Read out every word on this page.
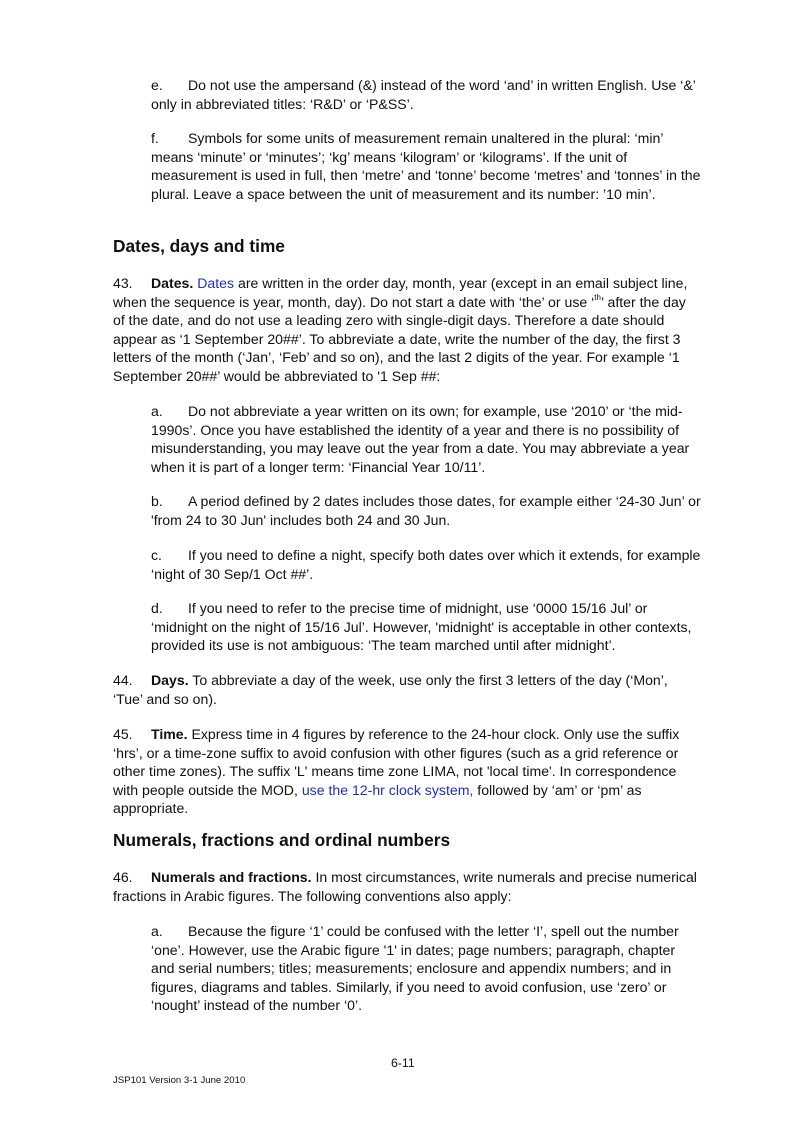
e. Do not use the ampersand (&) instead of the word ‘and’ in written English. Use ‘&’ only in abbreviated titles: ‘R&D’ or ‘P&SS’.

f. Symbols for some units of measurement remain unaltered in the plural: ‘min’ means ‘minute’ or ‘minutes’; ‘kg’ means ‘kilogram’ or ‘kilograms’. If the unit of measurement is used in full, then ‘metre’ and ‘tonne’ become ‘metres’ and ‘tonnes’ in the plural. Leave a space between the unit of measurement and its number: ’10 min’.

Dates, days and time

43. Dates. Dates are written in the order day, month, year (except in an email subject line, when the sequence is year, month, day). Do not start a date with ‘the’ or use ‘$^{th}$’ after the day of the date, and do not use a leading zero with single-digit days. Therefore a date should appear as ‘1 September 20##’. To abbreviate a date, write the number of the day, the first 3 letters of the month (‘Jan’, ‘Feb’ and so on), and the last 2 digits of the year. For example ‘1 September 20##’ would be abbreviated to '1 Sep ##:

a. Do not abbreviate a year written on its own; for example, use ‘2010’ or ‘the mid-1990s’. Once you have established the identity of a year and there is no possibility of misunderstanding, you may leave out the year from a date. You may abbreviate a year when it is part of a longer term: ‘Financial Year 10/11’.

b. A period defined by 2 dates includes those dates, for example either ‘24-30 Jun’ or 'from 24 to 30 Jun' includes both 24 and 30 Jun.

c. If you need to define a night, specify both dates over which it extends, for example ‘night of 30 Sep/1 Oct ##’.

d. If you need to refer to the precise time of midnight, use ‘0000 15/16 Jul’ or ‘midnight on the night of 15/16 Jul’. However, 'midnight' is acceptable in other contexts, provided its use is not ambiguous: ‘The team marched until after midnight’.

44. Days. To abbreviate a day of the week, use only the first 3 letters of the day (‘Mon’, ‘Tue’ and so on).

45. Time. Express time in 4 figures by reference to the 24-hour clock. Only use the suffix ‘hrs’, or a time-zone suffix to avoid confusion with other figures (such as a grid reference or other time zones). The suffix 'L' means time zone LIMA, not 'local time'. In correspondence with people outside the MOD, use the 12-hr clock system, followed by ‘am’ or ‘pm’ as appropriate.

Numerals, fractions and ordinal numbers

46. Numerals and fractions. In most circumstances, write numerals and precise numerical fractions in Arabic figures. The following conventions also apply:

a. Because the figure ‘1’ could be confused with the letter ‘I’, spell out the number ‘one’. However, use the Arabic figure '1' in dates; page numbers; paragraph, chapter and serial numbers; titles; measurements; enclosure and appendix numbers; and in figures, diagrams and tables. Similarly, if you need to avoid confusion, use ‘zero’ or ‘nought’ instead of the number ‘0’.

6-11
JSP101 Version 3-1 June 2010
